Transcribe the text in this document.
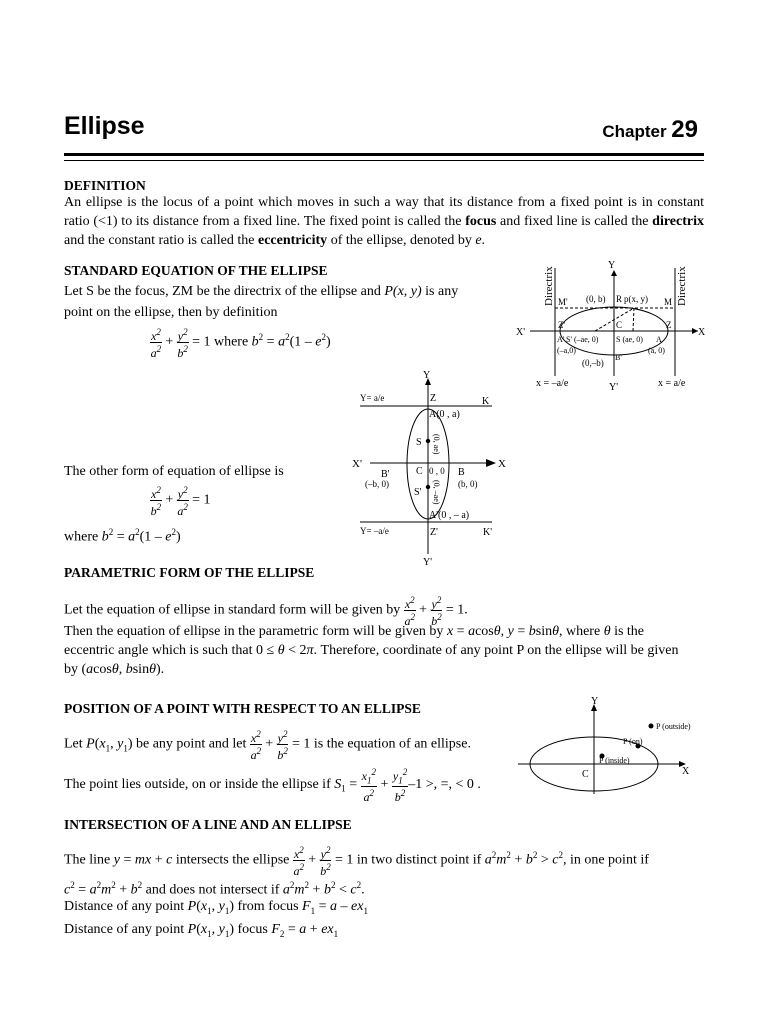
Ellipse	Chapter 29
DEFINITION
An ellipse is the locus of a point which moves in such a way that its distance from a fixed point is in constant ratio (<1) to its distance from a fixed line. The fixed point is called the focus and fixed line is called the directrix and the constant ratio is called the eccentricity of the ellipse, denoted by e.
STANDARD EQUATION OF THE ELLIPSE
Let S be the focus, ZM be the directrix of the ellipse and P(x, y) is any
point on the ellipse, then by definition
$\frac{x^2}{a^2} + \frac{y^2}{b^2} = 1$ where $b^2 = a^2(1 - e^2)$
The other form of equation of ellipse is
$\frac{x^2}{b^2} + \frac{y^2}{a^2} = 1$
where $b^2 = a^2(1 - e^2)$
Y
Y'
X'	X
Directrix	Directrix
M'	M
(0, b) R p(x, y)
Z'	Z
C
A' S' (–ae, 0) S (ae, 0) A
(–a,0)	(a, 0)
(0,–b)
B'
x = –a/e	x = a/e
Y
Y'
X'	X
Y= a/e
Y= –a/e
Z	K
Z'	K'
A(0 , a)
A'(0 , – a)
S
S'
(0, ae)
(0, –ae)
C 0 , 0
B'	B
(–b, 0)	(b, 0)
PARAMETRIC FORM OF THE ELLIPSE
Let the equation of ellipse in standard form will be given by $\frac{x^2}{a^2} + \frac{y^2}{b^2} = 1$.
Then the equation of ellipse in the parametric form will be given by x = acosθ, y = bsinθ, where θ is the
eccentric angle which is such that 0 ≤ θ < 2π. Therefore, coordinate of any point P on the ellipse will be given
by (acosθ, bsinθ).
POSITION OF A POINT WITH RESPECT TO AN ELLIPSE
Let $P(x_1$, $y_1$) be any point and let $\frac{x^2}{a^2} + \frac{y^2}{b^2} = 1$ is the equation of an ellipse.
The point lies outside, on or inside the ellipse if $S_1 = \frac{x_1^2}{a^2} + \frac{y_1^2}{b^2} -1$ >, =, < 0 .
Y
X
C
P (outside)
P (on)
P (inside)
INTERSECTION OF A LINE AND AN ELLIPSE
The line y = mx + c intersects the ellipse $\frac{x^2}{a^2} + \frac{y^2}{b^2} = 1$ in two distinct point if $a^2m^2 + b^2 > c^2$, in one point if
$c^2 = a^2m^2 + b^2$ and does not intersect if $a^2m^2 + b^2 < c^2$.
Distance of any point $P(x_1$, $y_1$) from focus $F_1 = a - ex_1$
Distance of any point $P(x_1$, $y_1$) focus $F_2 = a + ex_1$
